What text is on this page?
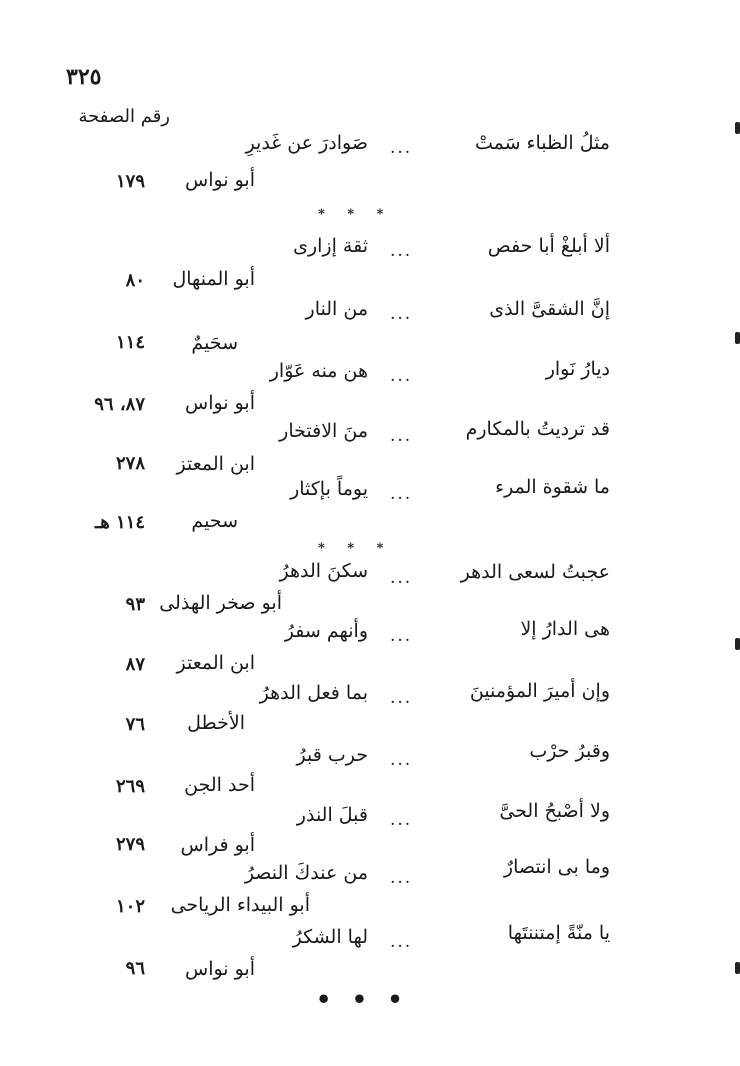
٣٢٥
رقم الصفحة
مثلُ الظباء سَمتْ
...
صَوادرَ عن غَديرِ
أبو نواس
١٧٩
* * *
ألا أبلغْ أبا حفص
...
ثقة إزارى
أبو المنهال
٨٠
إنَّ الشقىَّ الذى
...
من النار
سحَيمٌ
١١٤
ديارُ نَوار
...
هن منه عَوّار
أبو نواس
٨٧، ٩٦
قد ترديتُ بالمكارم
...
منَ الافتخار
ابن المعتز
٢٧٨
ما شقوة المرء
...
يوماً بإكثار
سحيم
١١٤ هـ
* * *
عجبتُ لسعى الدهر
...
سكنَ الدهرُ
أبو صخر الهذلى
٩٣
هى الدارُ إلا
...
وأنهم سفرُ
ابن المعتز
٨٧
وإن أميرَ المؤمنينَ
...
بما فعل الدهرُ
الأخطل
٧٦
وقبرُ حرْب
...
حرب قبرُ
أحد الجن
٢٦٩
ولا أصْبحُ الحىَّ
...
قبلَ النذر
أبو فراس
٢٧٩
وما بى انتصارٌ
...
من عندكَ النصرُ
أبو البيداء الرياحى
١٠٢
يا منّةً إمتننتَها
...
لها الشكرُ
أبو نواس
٩٦
• • •
